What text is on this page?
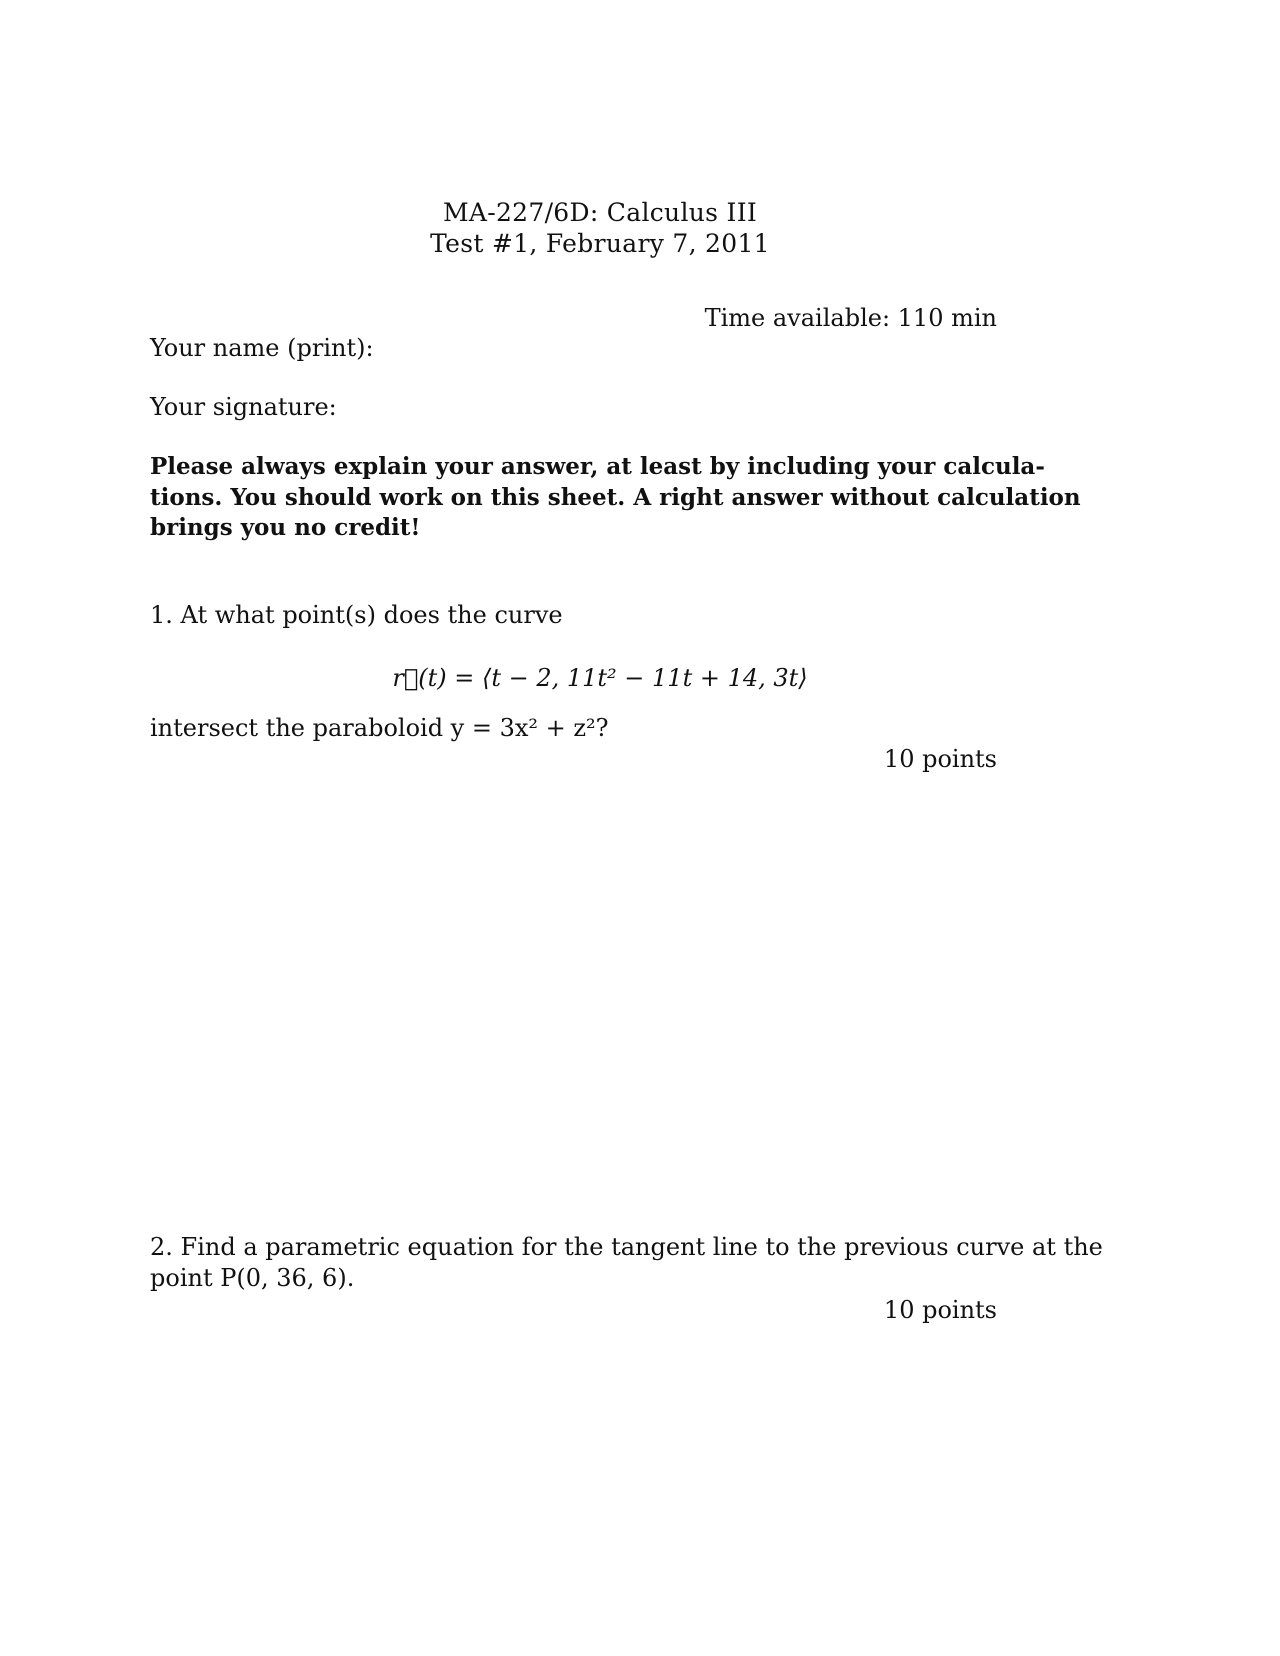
MA-227/6D: Calculus III
Test #1, February 7, 2011
Time available: 110 min
Your name (print):
Your signature:
Please always explain your answer, at least by including your calcula-
tions. You should work on this sheet. A right answer without calculation
brings you no credit!
1. At what point(s) does the curve
r⃗(t) = ⟨t − 2, 11t² − 11t + 14, 3t⟩
intersect the paraboloid y = 3x² + z²?
10 points
2. Find a parametric equation for the tangent line to the previous curve at the
point P(0, 36, 6).
10 points
